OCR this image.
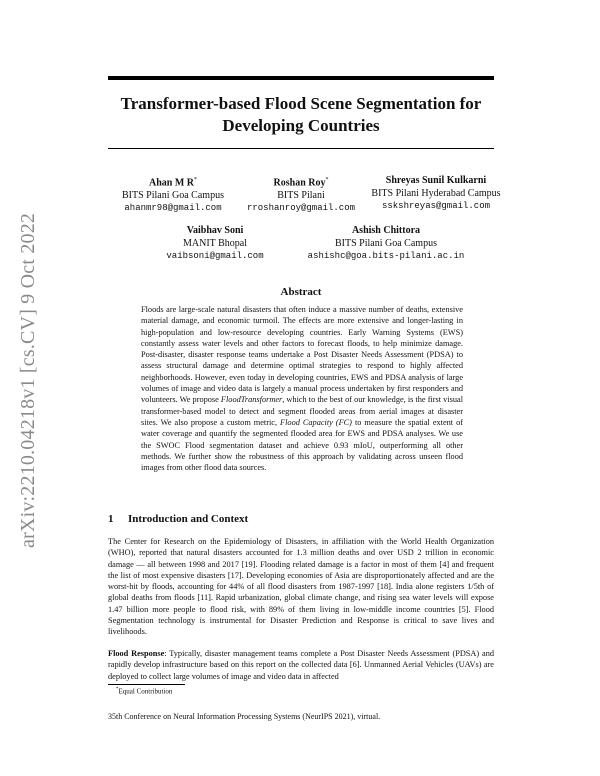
arXiv:2210.04218v1 [cs.CV] 9 Oct 2022
Transformer-based Flood Scene Segmentation for Developing Countries
Ahan M R*
BITS Pilani Goa Campus
ahanmr98@gmail.com
Roshan Roy*
BITS Pilani
rroshanroy@gmail.com
Shreyas Sunil Kulkarni
BITS Pilani Hyderabad Campus
sskshreyas@gmail.com
Vaibhav Soni
MANIT Bhopal
vaibsoni@gmail.com
Ashish Chittora
BITS Pilani Goa Campus
ashishc@goa.bits-pilani.ac.in
Abstract
Floods are large-scale natural disasters that often induce a massive number of deaths, extensive material damage, and economic turmoil. The effects are more extensive and longer-lasting in high-population and low-resource developing countries. Early Warning Systems (EWS) constantly assess water levels and other factors to forecast floods, to help minimize damage. Post-disaster, disaster response teams undertake a Post Disaster Needs Assessment (PDSA) to assess structural damage and determine optimal strategies to respond to highly affected neighborhoods. However, even today in developing countries, EWS and PDSA analysis of large volumes of image and video data is largely a manual process undertaken by first responders and volunteers. We propose FloodTransformer, which to the best of our knowledge, is the first visual transformer-based model to detect and segment flooded areas from aerial images at disaster sites. We also propose a custom metric, Flood Capacity (FC) to measure the spatial extent of water coverage and quantify the segmented flooded area for EWS and PDSA analyses. We use the SWOC Flood segmentation dataset and achieve 0.93 mIoU, outperforming all other methods. We further show the robustness of this approach by validating across unseen flood images from other flood data sources.
1 Introduction and Context
The Center for Research on the Epidemiology of Disasters, in affiliation with the World Health Organization (WHO), reported that natural disasters accounted for 1.3 million deaths and over USD 2 trillion in economic damage — all between 1998 and 2017 [19]. Flooding related damage is a factor in most of them [4] and frequent the list of most expensive disasters [17]. Developing economies of Asia are disproportionately affected and are the worst-hit by floods, accounting for 44% of all flood disasters from 1987-1997 [18]. India alone registers 1/5th of global deaths from floods [11]. Rapid urbanization, global climate change, and rising sea water levels will expose 1.47 billion more people to flood risk, with 89% of them living in low-middle income countries [5]. Flood Segmentation technology is instrumental for Disaster Prediction and Response is critical to save lives and livelihoods.
Flood Response: Typically, disaster management teams complete a Post Disaster Needs Assessment (PDSA) and rapidly develop infrastructure based on this report on the collected data [6]. Unmanned Aerial Vehicles (UAVs) are deployed to collect large volumes of image and video data in affected
*Equal Contribution
35th Conference on Neural Information Processing Systems (NeurIPS 2021), virtual.
